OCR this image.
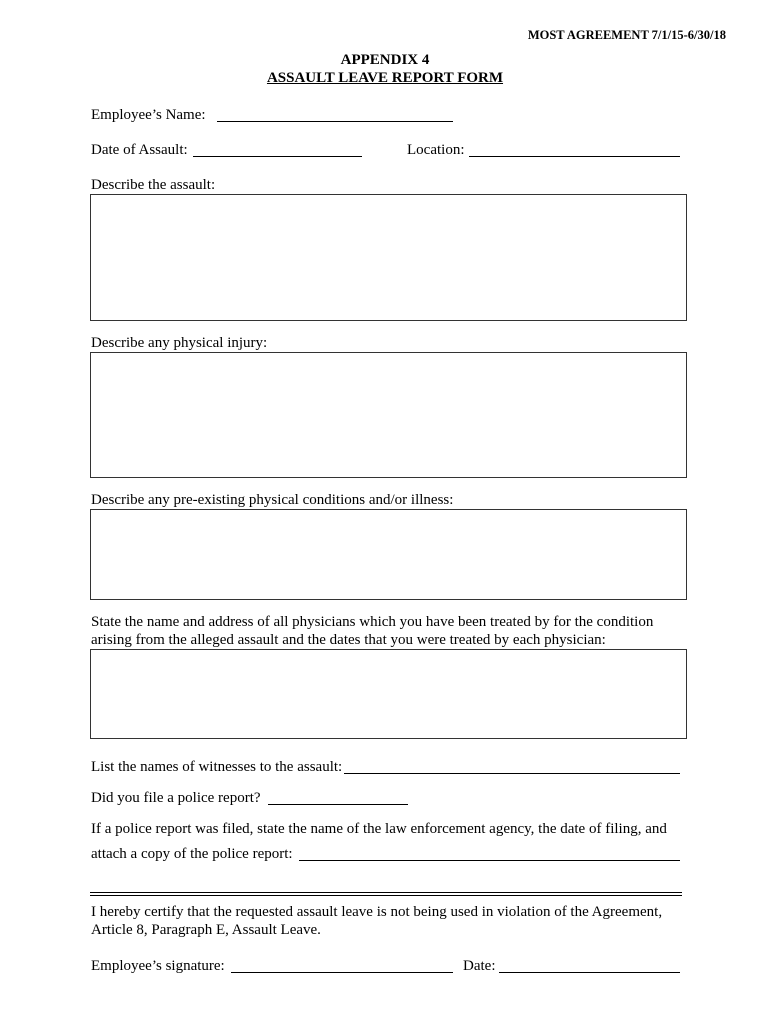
MOST AGREEMENT 7/1/15-6/30/18
APPENDIX 4
ASSAULT LEAVE REPORT FORM
Employee’s Name:
Date of Assault:	Location:
Describe the assault:
Describe any physical injury:
Describe any pre-existing physical conditions and/or illness:
State the name and address of all physicians which you have been treated by for the condition
arising from the alleged assault and the dates that you were treated by each physician:
List the names of witnesses to the assault:
Did you file a police report?
If a police report was filed, state the name of the law enforcement agency, the date of filing, and
attach a copy of the police report:
I hereby certify that the requested assault leave is not being used in violation of the Agreement,
Article 8, Paragraph E, Assault Leave.
Employee’s signature:	Date:
